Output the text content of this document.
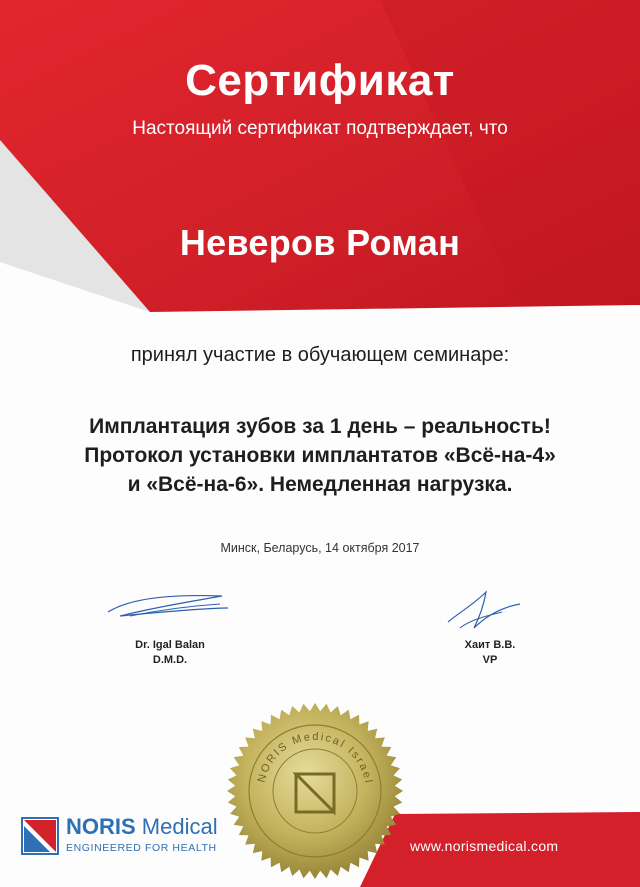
Сертификат
Настоящий сертификат подтверждает, что
Неверов Роман
принял участие в обучающем семинаре:
Имплантация зубов за 1 день – реальность!
Протокол установки имплантатов «Всё-на-4»
и «Всё-на-6». Немедленная нагрузка.
Минск, Беларусь, 14 октября 2017
Dr. Igal Balan
D.M.D.
Хаит В.В.
VP
NORIS Medical Israel
NORIS Medical
ENGINEERED FOR HEALTH	www.norismedical.com
